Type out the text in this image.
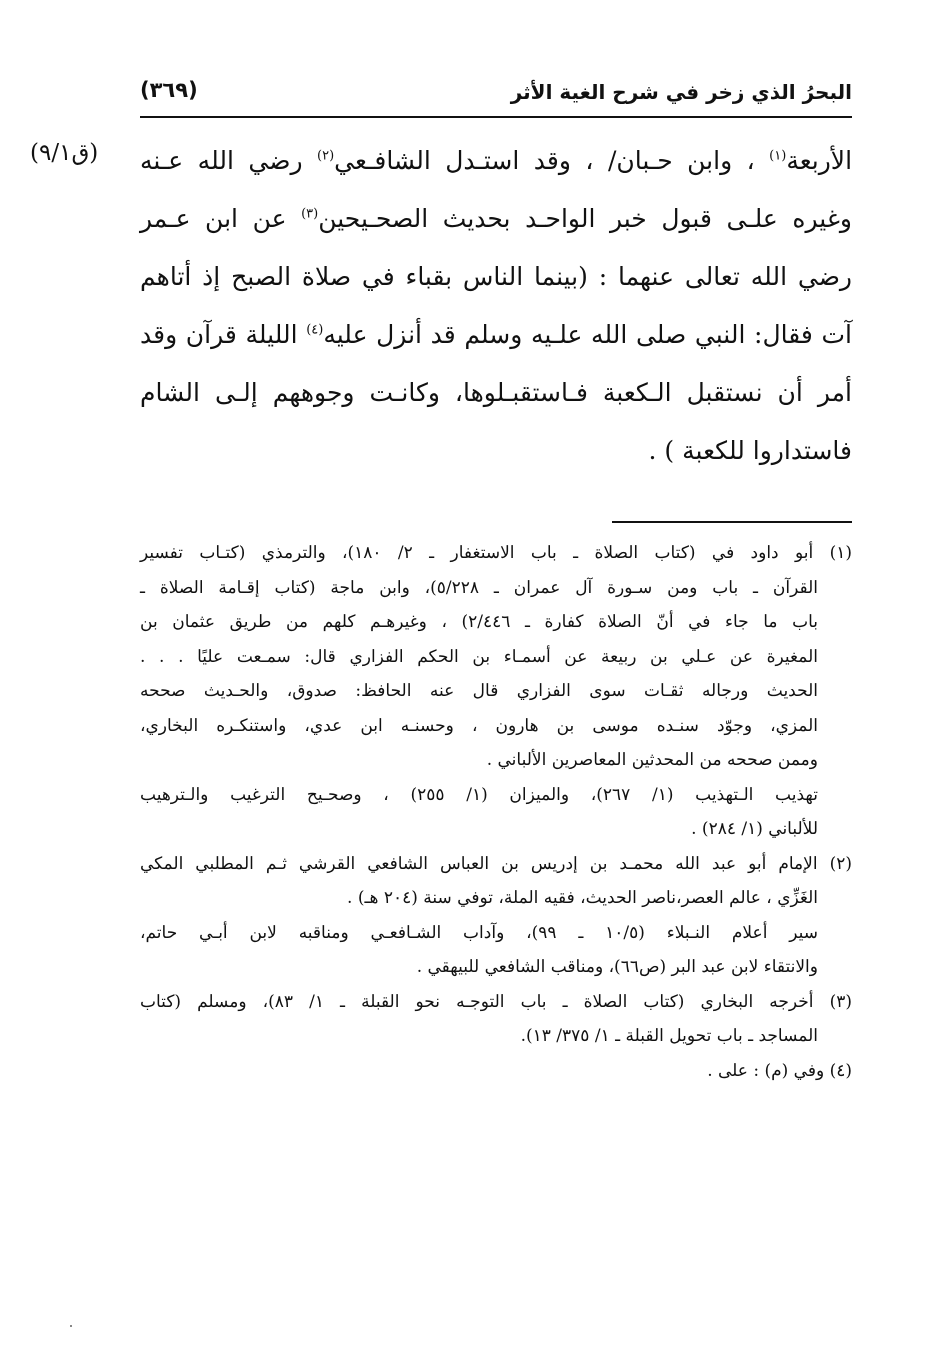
البحرُ الذي زخر في شرح الغية الأثر
(٣٦٩)
(ق٩/١)	الأربعة$^{(١)}$ ، وابن حـبان/ ، وقد استـدل الشافـعي$^{(٢)}$ رضي الله عـنه
وغيره علـى قبول خبر الواحـد بحديث الصحـيحين$^{(٣)}$ عن ابن عـمر
رضي الله تعالى عنهما : (بينما الناس بقباء في صلاة الصبح إذ أتاهم
آت فقال: النبي صلى الله علـيه وسلم قد أنزل عليه$^{(٤)}$ الليلة قرآن وقد
أمر أن نستقبل الـكعبة فـاستقبـلوها، وكانـت وجوههم إلـى الشام
فاستداروا للكعبة ) .
(١) أبو داود في (كتاب الصلاة ـ باب الاستغفار ـ ٢/ ١٨٠)، والترمذي (كتـاب تفسير
القرآن ـ باب ومن سـورة آل عمران ـ ٥/٢٢٨)، وابن ماجة (كتاب إقـامة الصلاة ـ
باب ما جاء في أنّ الصلاة كفارة ـ ٢/٤٤٦) ، وغيرهـم كلهم من طريق عثمان بن
المغيرة عن عـلي بن ربيعة عن أسمـاء بن الحكم الفزاري قال: سمـعت عليًا . . .
الحديث ورجاله ثقـات سوى الفزاري قال عنه الحافظ: صدوق، والحـديث صححه
المزي، وجوّد سنـده موسى بن هارون ، وحسنـه ابن عدي، واستنكـره البخاري،
وممن صححه من المحدثين المعاصرين الألباني .
تهذيب الـتهذيب (١/ ٢٦٧)، والميزان (١/ ٢٥٥) ، وصحـيح الترغيب والـترهيب
للألباني (١/ ٢٨٤) .
(٢) الإمام أبو عبد الله محمـد بن إدريس بن العباس الشافعي القرشي ثـم المطلبي المكي
الغَزِّي ، عالم العصر،ناصر الحديث، فقيه الملة، توفي سنة (٢٠٤ هـ) .
سير أعلام النـبلاء (١٠/٥ ـ ٩٩)، وآداب الشـافعـي ومناقبه لابن أبـي حاتم،
والانتقاء لابن عبد البر (ص٦٦)، ومناقب الشافعي للبيهقي .
(٣) أخرجه البخاري (كتاب الصلاة ـ باب التوجـه نحو القبلة ـ ١/ ٨٣)، ومسلم (كتاب
المساجد ـ باب تحويل القبلة ـ ١/ ٣٧٥/ ١٣).
(٤) وفي (م) : على .
